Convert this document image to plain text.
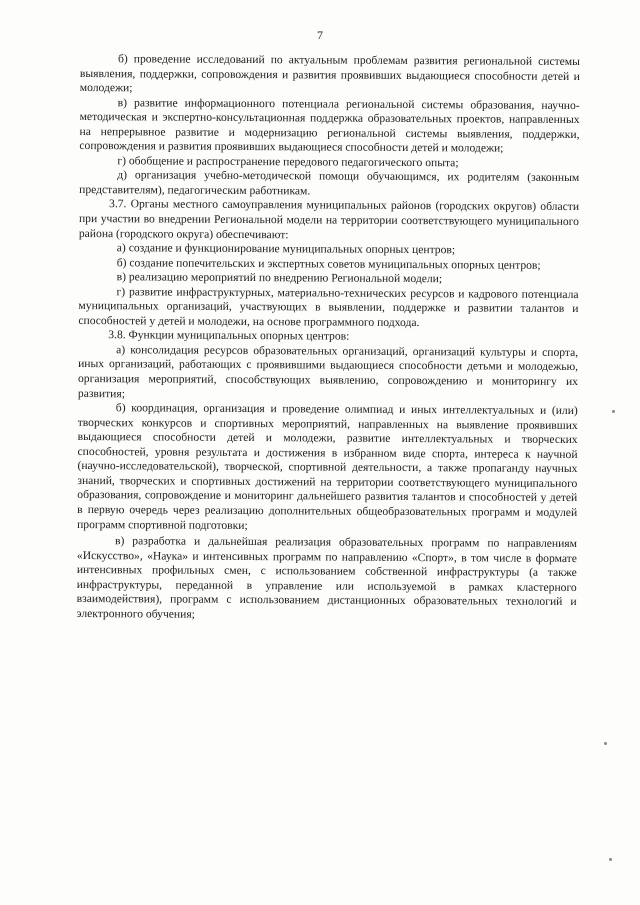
7

б) проведение исследований по актуальным проблемам развития региональной системы выявления, поддержки, сопровождения и развития проявивших выдающиеся способности детей и молодежи;

в) развитие информационного потенциала региональной системы образования, научно-методическая и экспертно-консультационная поддержка образовательных проектов, направленных на непрерывное развитие и модернизацию региональной системы выявления, поддержки, сопровождения и развития проявивших выдающиеся способности детей и молодежи;

г) обобщение и распространение передового педагогического опыта;

д) организация учебно-методической помощи обучающимся, их родителям (законным представителям), педагогическим работникам.

3.7. Органы местного самоуправления муниципальных районов (городских округов) области при участии во внедрении Региональной модели на территории соответствующего муниципального района (городского округа) обеспечивают:

а) создание и функционирование муниципальных опорных центров;

б) создание попечительских и экспертных советов муниципальных опорных центров;

в) реализацию мероприятий по внедрению Региональной модели;

г) развитие инфраструктурных, материально-технических ресурсов и кадрового потенциала муниципальных организаций, участвующих в выявлении, поддержке и развитии талантов и способностей у детей и молодежи, на основе программного подхода.

3.8. Функции муниципальных опорных центров:

а) консолидация ресурсов образовательных организаций, организаций культуры и спорта, иных организаций, работающих с проявившими выдающиеся способности детьми и молодежью, организация мероприятий, способствующих выявлению, сопровождению и мониторингу их развития;

б) координация, организация и проведение олимпиад и иных интеллектуальных и (или) творческих конкурсов и спортивных мероприятий, направленных на выявление проявивших выдающиеся способности детей и молодежи, развитие интеллектуальных и творческих способностей, уровня результата и достижения в избранном виде спорта, интереса к научной (научно-исследовательской), творческой, спортивной деятельности, а также пропаганду научных знаний, творческих и спортивных достижений на территории соответствующего муниципального образования, сопровождение и мониторинг дальнейшего развития талантов и способностей у детей в первую очередь через реализацию дополнительных общеобразовательных программ и модулей программ спортивной подготовки;

в) разработка и дальнейшая реализация образовательных программ по направлениям «Искусство», «Наука» и интенсивных программ по направлению «Спорт», в том числе в формате интенсивных профильных смен, с использованием собственной инфраструктуры (а также инфраструктуры, переданной в управление или используемой в рамках кластерного взаимодействия), программ с использованием дистанционных образовательных технологий и электронного обучения;
